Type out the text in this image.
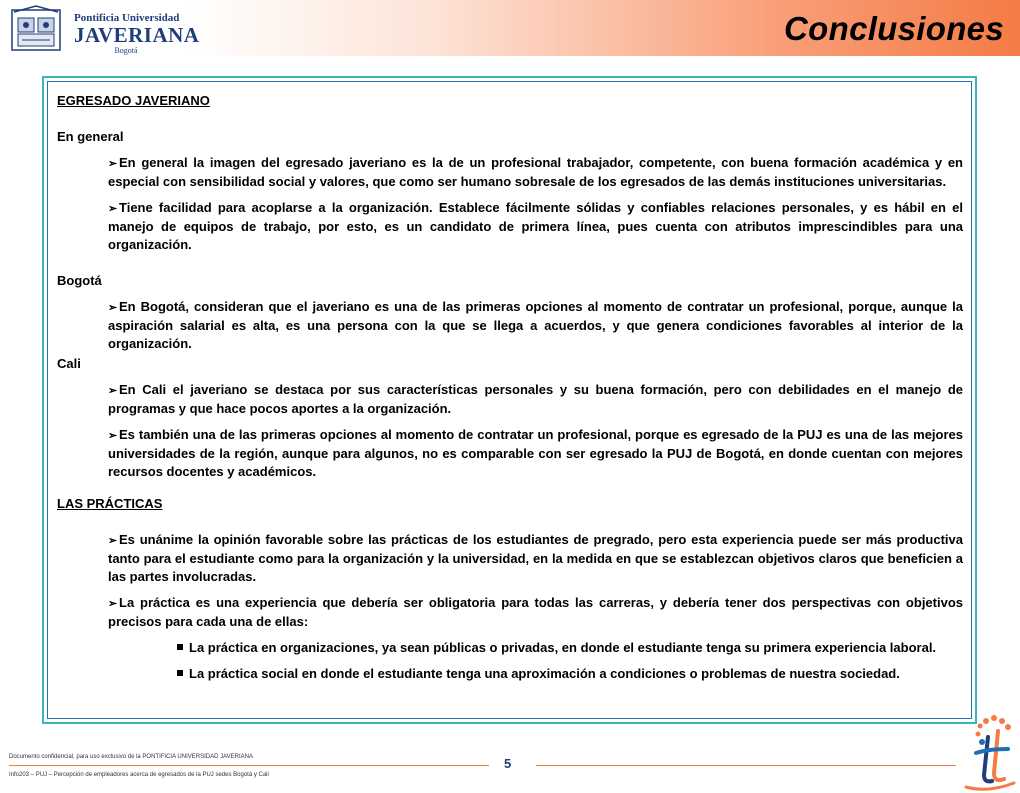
Pontificia Universidad
JAVERIANA
Bogotá
Conclusiones
EGRESADO JAVERIANO
En general
➢ En general la imagen del egresado javeriano es la de un profesional trabajador, competente, con buena formación académica y en especial con sensibilidad social y valores, que como ser humano sobresale de los egresados de las demás instituciones universitarias.
➢ Tiene facilidad para acoplarse a la organización. Establece fácilmente sólidas y confiables relaciones personales, y es hábil en el manejo de equipos de trabajo, por esto, es un candidato de primera línea, pues cuenta con atributos imprescindibles para una organización.
Bogotá
➢ En Bogotá, consideran que el javeriano es una de las primeras opciones al momento de contratar un profesional, porque, aunque la aspiración salarial es alta, es una persona con la que se llega a acuerdos, y que genera condiciones favorables al interior de la organización.
Cali
➢ En Cali el javeriano se destaca por sus características personales y su buena formación, pero con debilidades en el manejo de programas y que hace pocos aportes a la organización.
➢ Es también una de las primeras opciones al momento de contratar un profesional, porque es egresado de la PUJ es una de las mejores universidades de la región, aunque para algunos, no es comparable con ser egresado la PUJ de Bogotá, en donde cuentan con mejores recursos docentes y académicos.
LAS PRÁCTICAS
➢ Es unánime la opinión favorable sobre las prácticas de los estudiantes de pregrado, pero esta experiencia puede ser más productiva tanto para el estudiante como para la organización y la universidad, en la medida en que se establezcan objetivos claros que beneficien a las partes involucradas.
➢ La práctica es una experiencia que debería ser obligatoria para todas las carreras, y debería tener dos perspectivas con objetivos precisos para cada una de ellas:
La práctica en organizaciones, ya sean públicas o privadas, en donde el estudiante tenga su primera experiencia laboral.
La práctica social en donde el estudiante tenga una aproximación a condiciones o problemas de nuestra sociedad.
Documento confidencial, para uso exclusivo de la PONTIFICIA UNIVERSIDAD JAVERIANA	5
Info203 – PUJ – Percepción de empleadores acerca de egresados de la PUJ sedes Bogotá y Cali
